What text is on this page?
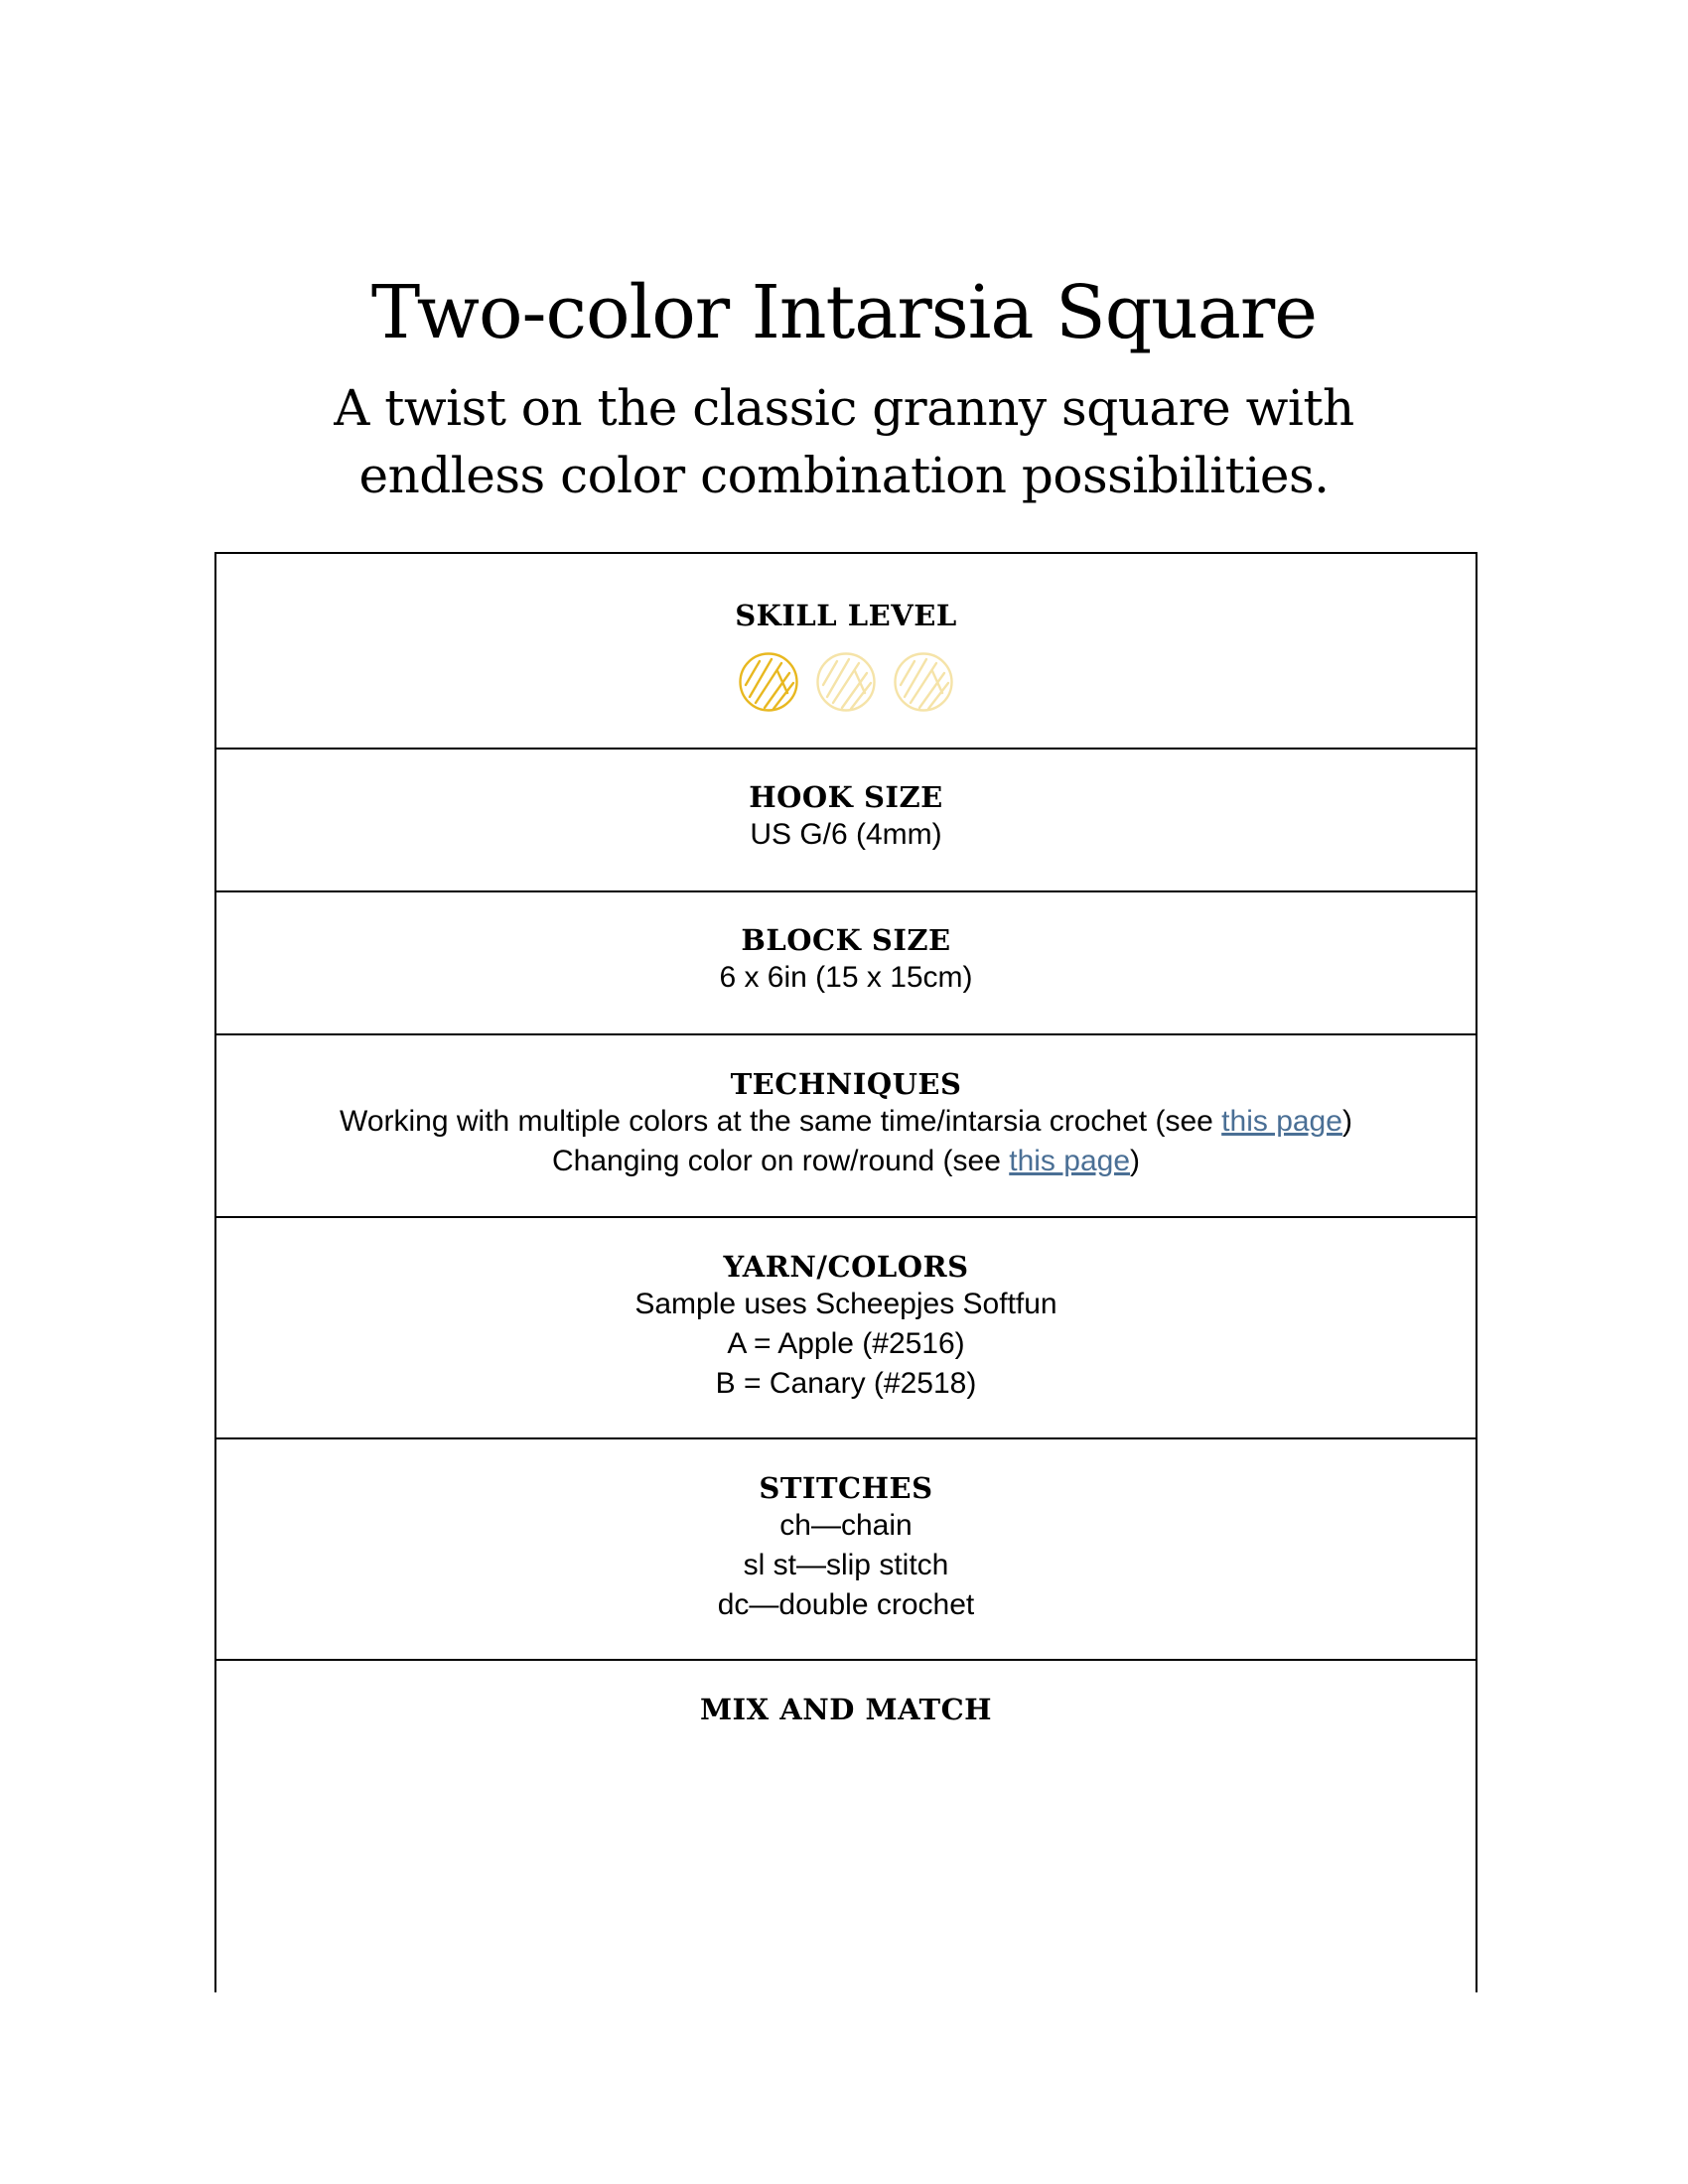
Two-color Intarsia Square
A twist on the classic granny square with
endless color combination possibilities.

SKILL LEVEL

HOOK SIZE

US G/6 (4mm)

BLOCK SIZE

6 x 6in (15 x 15cm)

TECHNIQUES

Working with multiple colors at the same time/intarsia crochet (see this page)

Changing color on row/round (see this page)

YARN/COLORS

Sample uses Scheepjes Softfun

A = Apple (#2516)

B = Canary (#2518)

STITCHES

ch—chain

sl st—slip stitch

dc—double crochet

MIX AND MATCH
